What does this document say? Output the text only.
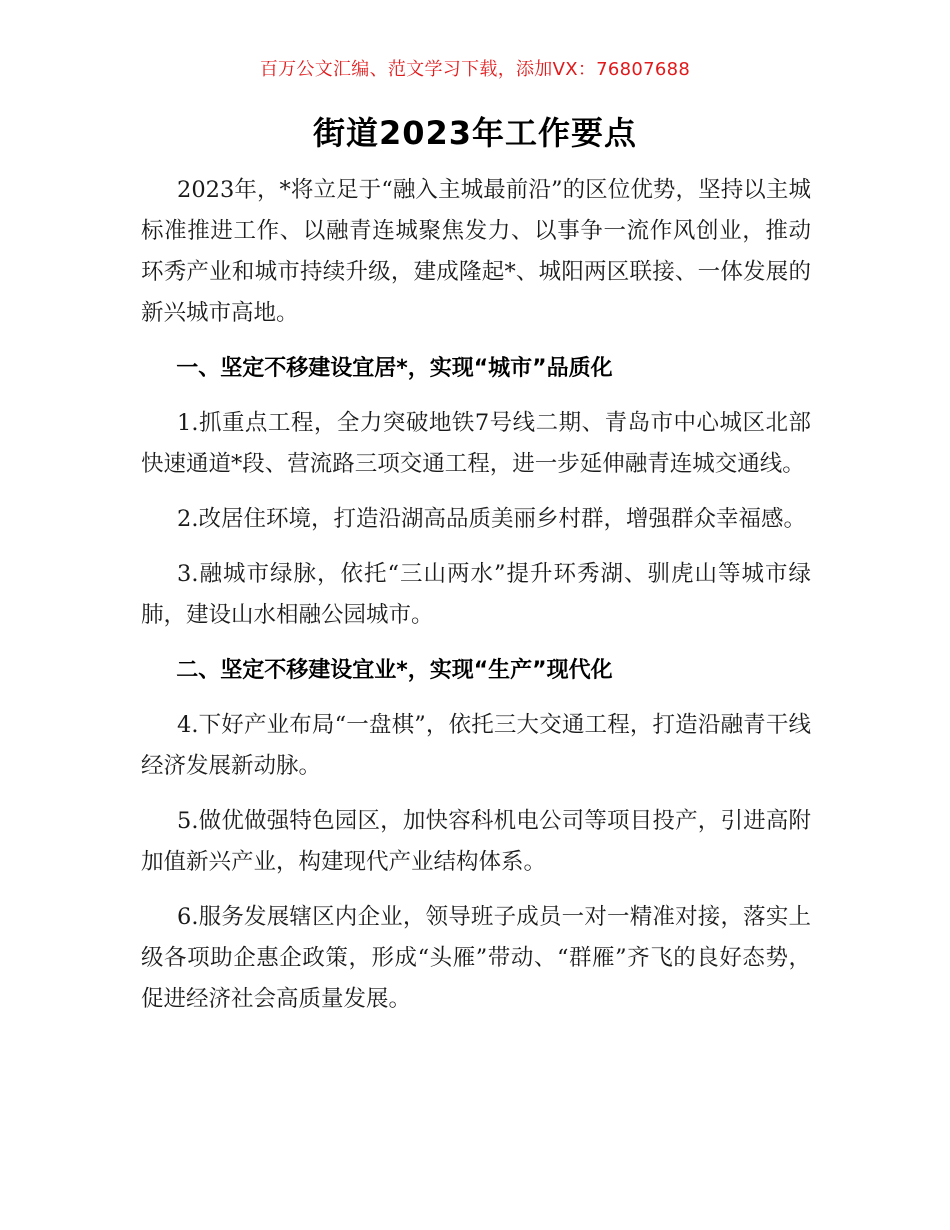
百万公文汇编、范文学习下载，添加VX：76807688
街道2023年工作要点

2023年，*将立足于“融入主城最前沿”的区位优势，坚持以主城标准推进工作、以融青连城聚焦发力、以事争一流作风创业，推动环秀产业和城市持续升级，建成隆起*、城阳两区联接、一体发展的新兴城市高地。

一、坚定不移建设宜居*，实现“城市”品质化

1.抓重点工程，全力突破地铁7号线二期、青岛市中心城区北部快速通道*段、营流路三项交通工程，进一步延伸融青连城交通线。

2.改居住环境，打造沿湖高品质美丽乡村群，增强群众幸福感。

3.融城市绿脉，依托“三山两水”提升环秀湖、驯虎山等城市绿肺，建设山水相融公园城市。

二、坚定不移建设宜业*，实现“生产”现代化

4.下好产业布局“一盘棋”，依托三大交通工程，打造沿融青干线经济发展新动脉。

5.做优做强特色园区，加快容科机电公司等项目投产，引进高附加值新兴产业，构建现代产业结构体系。

6.服务发展辖区内企业，领导班子成员一对一精准对接，落实上级各项助企惠企政策，形成“头雁”带动、“群雁”齐飞的良好态势，促进经济社会高质量发展。
